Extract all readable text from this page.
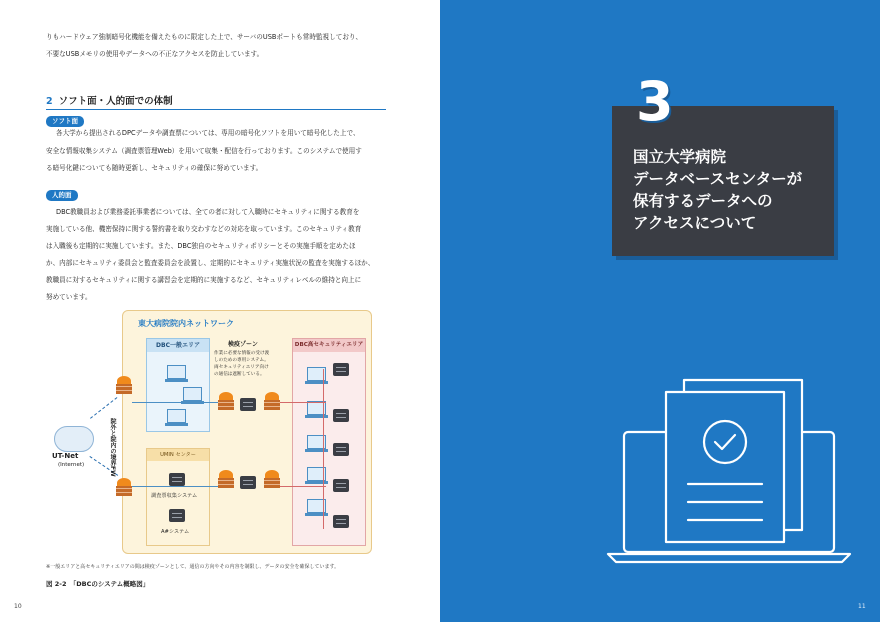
りもハードウェア強制暗号化機能を備えたものに限定した上で、サーバのUSBポートも常時監視しており、
不要なUSBメモリの使用やデータへの不正なアクセスを防止しています。
2 ソフト面・人的面での体制
ソフト面
各大学から提出されるDPCデータや調査票については、専用の暗号化ソフトを用いて暗号化した上で、
安全な情報収集システム（調査票管理Web）を用いて収集・配信を行っております。このシステムで使用す
る暗号化鍵についても随時更新し、セキュリティの確保に努めています。
人的面
DBC教職員および業務委託事業者については、全ての者に対して入職時にセキュリティに関する教育を
実施している他、機密保持に関する誓約書を取り交わすなどの対応を取っています。このセキュリティ教育
は入職後も定期的に実施しています。また、DBC独自のセキュリティポリシーとその実施手順を定めたほ
か、内部にセキュリティ委員会と監査委員会を設置し、定期的にセキュリティ実施状況の監査を実施するほか、
教職員に対するセキュリティに関する講習会を定期的に実施するなど、セキュリティレベルの維持と向上に
努めています。
東大病院院内ネットワーク
DBC一般エリア	検疫ゾーン
作業に必要な情報の受け渡
しのための専用システム。
両セキュリティエリア向け
の通信は遮断している。
DBC高セキュリティエリア
UMIN センター
調査票収集システム
A#システム
UT-Net
(Internet)	院外と院内の境界FW
※一般エリアと高セキュリティエリアの間は検疫ゾーンとして、通信の方向やその内容を制限し、データの安全を確保しています。
図 2-2　「DBCのシステム概略図」
10
3
国立大学病院
データベースセンターが
保有するデータへの
アクセスについて
11
